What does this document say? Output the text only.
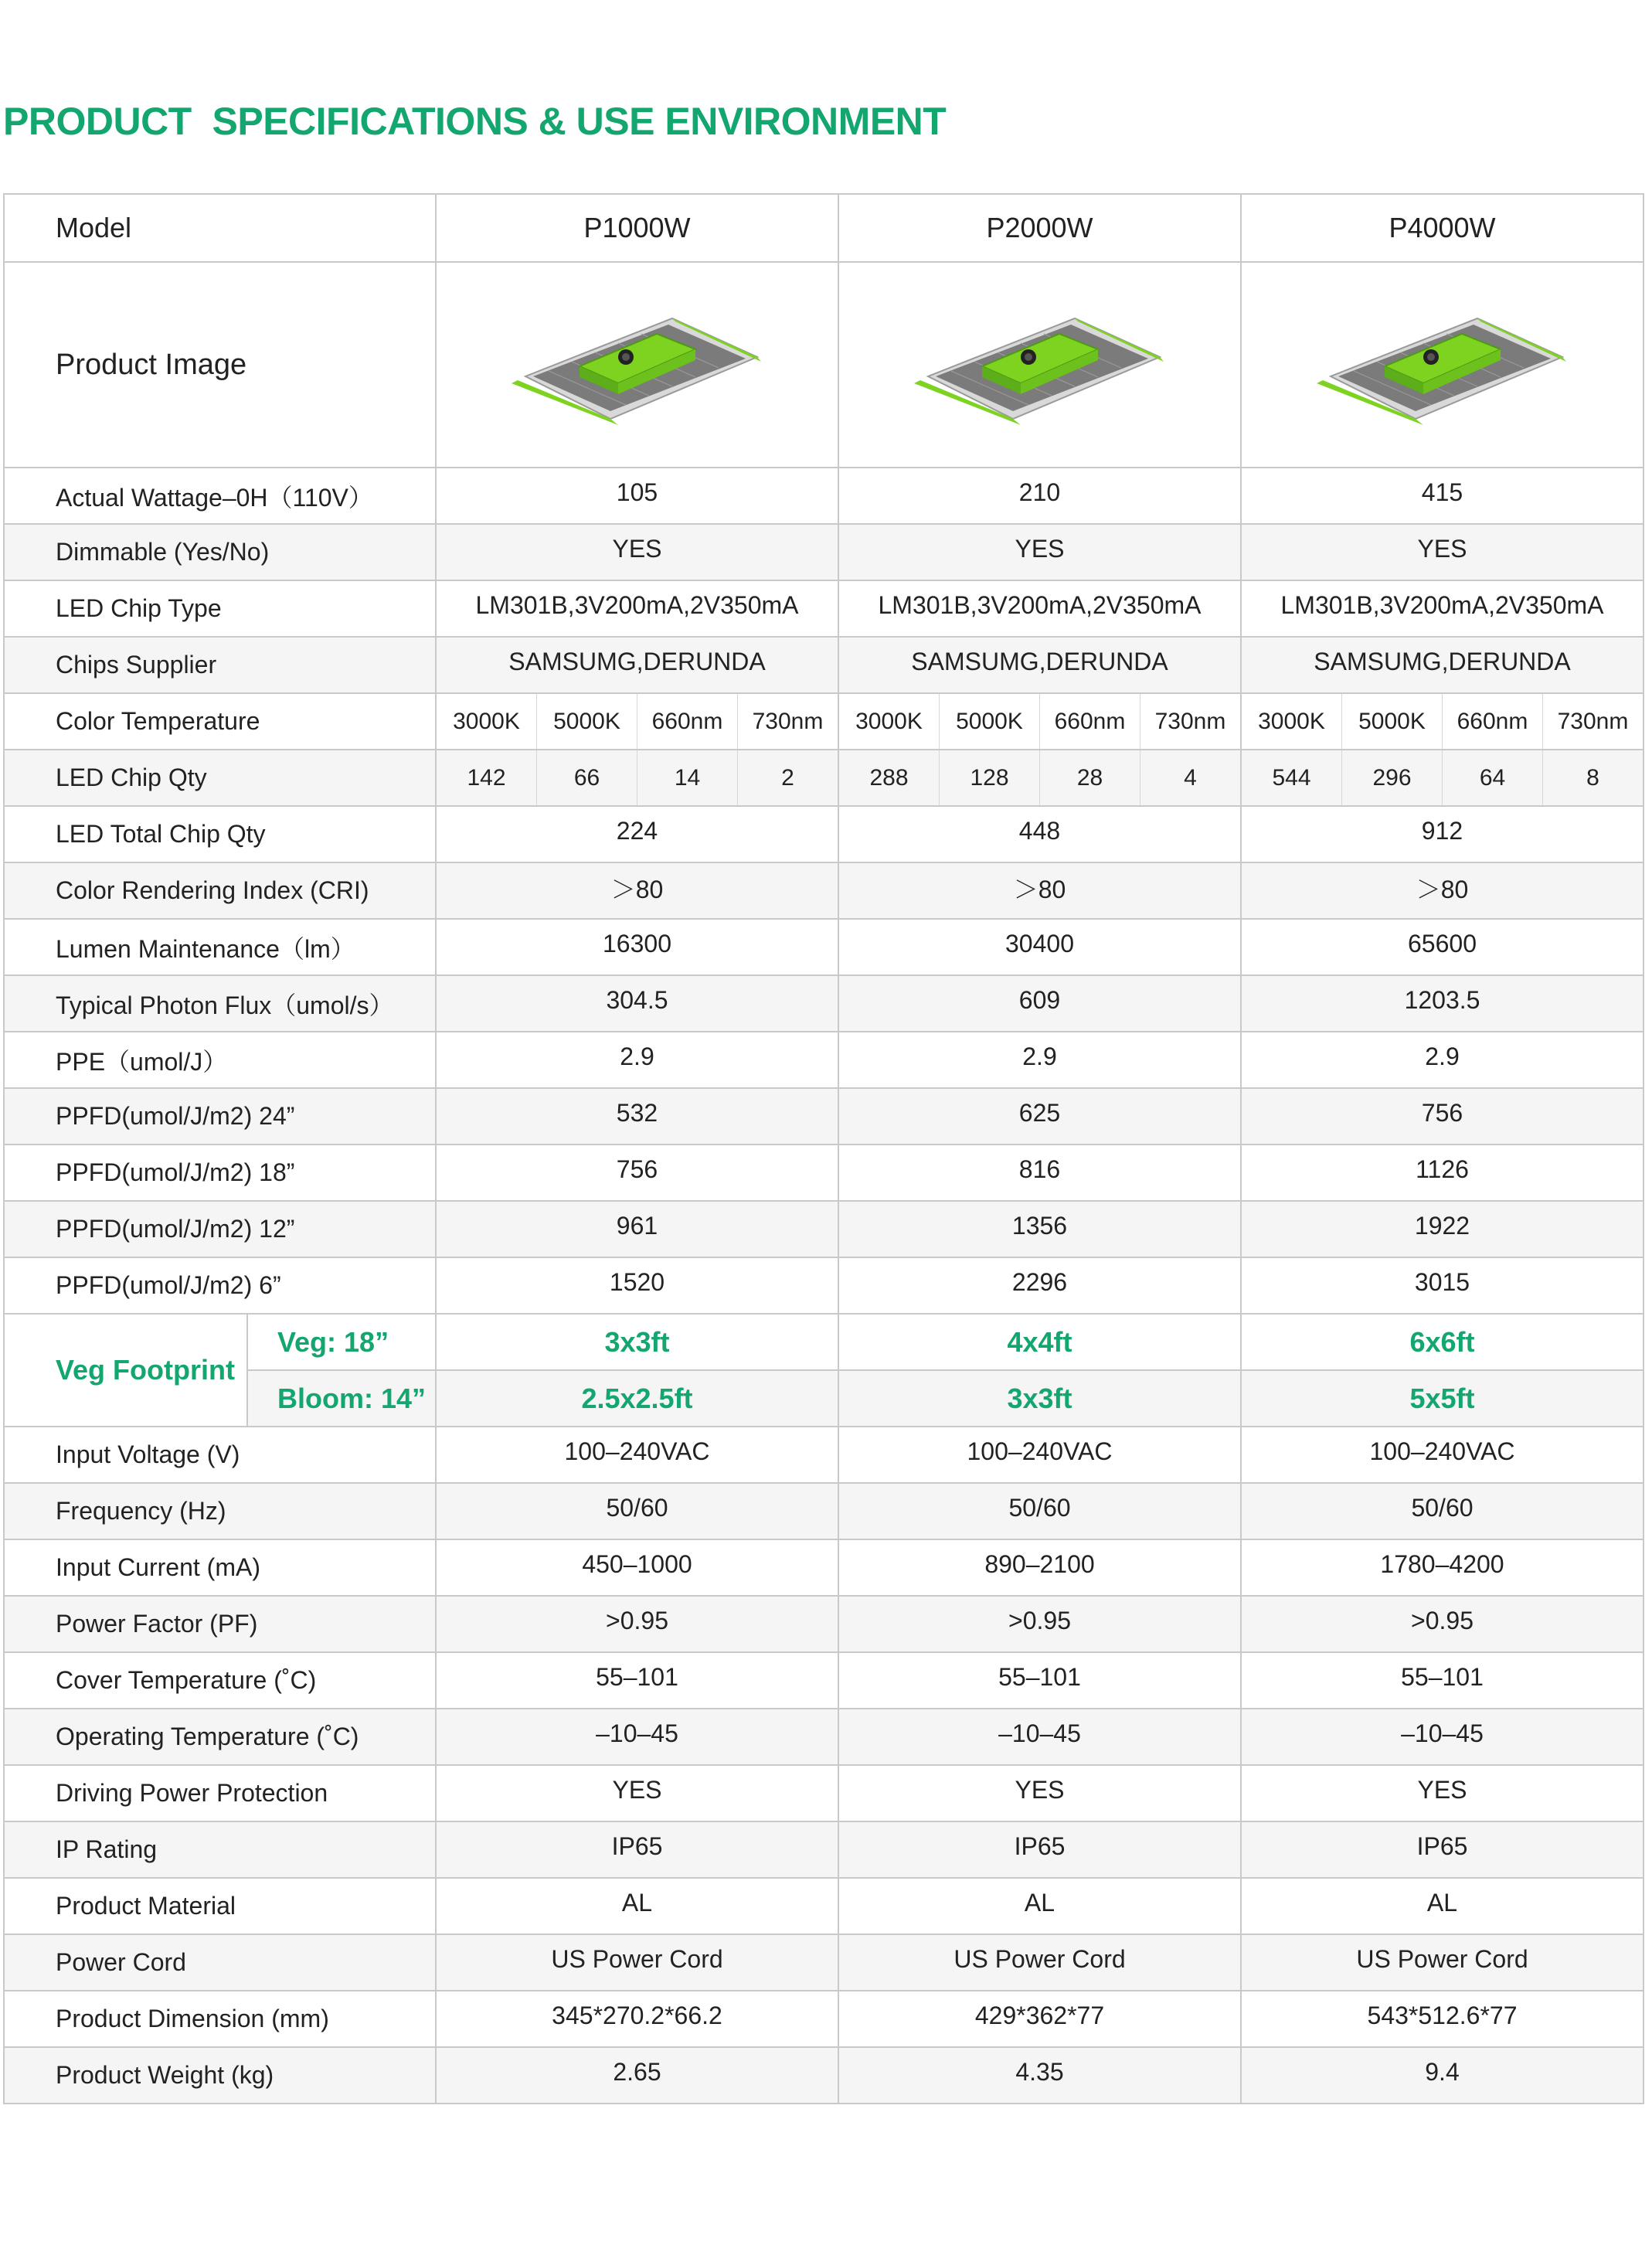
PRODUCT  SPECIFICATIONS & USE ENVIRONMENT
Model		P1000W	P2000W	P4000W
Product Image	

Actual Wattage–0H（110V）		105	210	415
Dimmable (Yes/No)		YES	YES	YES
LED Chip Type		LM301B,3V200mA,2V350mA	LM301B,3V200mA,2V350mA	LM301B,3V200mA,2V350mA
Chips Supplier		SAMSUMG,DERUNDA	SAMSUMG,DERUNDA	SAMSUMG,DERUNDA
Color Temperature		3000K 5000K 660nm 730nm	3000K 5000K 660nm 730nm	3000K 5000K 660nm 730nm

LED Chip Qty		142 66 14 2	288 128 28 4	544 296 64 8

LED Total Chip Qty		224	448	912
Color Rendering Index (CRI)		＞80	＞80	＞80
Lumen Maintenance（lm）		16300	30400	65600
Typical Photon Flux（umol/s）		304.5	609	1203.5
PPE（umol/J）		2.9	2.9	2.9
PPFD(umol/J/m2) 24”		532	625	756
PPFD(umol/J/m2) 18”		756	816	1126
PPFD(umol/J/m2) 12”		961	1356	1922
PPFD(umol/J/m2) 6”		1520	2296	3015
Veg Footprint	Veg: 18”	3x3ft	4x4ft	6x6ft
	Bloom: 14”	2.5x2.5ft	3x3ft	5x5ft
Input Voltage (V)		100–240VAC	100–240VAC	100–240VAC
Frequency (Hz)		50/60	50/60	50/60
Input Current (mA)		450–1000	890–2100	1780–4200
Power Factor (PF)		>0.95	>0.95	>0.95
Cover Temperature (˚C)		55–101	55–101	55–101
Operating Temperature (˚C)		–10–45	–10–45	–10–45
Driving Power Protection		YES	YES	YES
IP Rating		IP65	IP65	IP65
Product Material		AL	AL	AL
Power Cord		US Power Cord	US Power Cord	US Power Cord
Product Dimension (mm)		345*270.2*66.2	429*362*77	543*512.6*77
Product Weight (kg)		2.65	4.35	9.4
